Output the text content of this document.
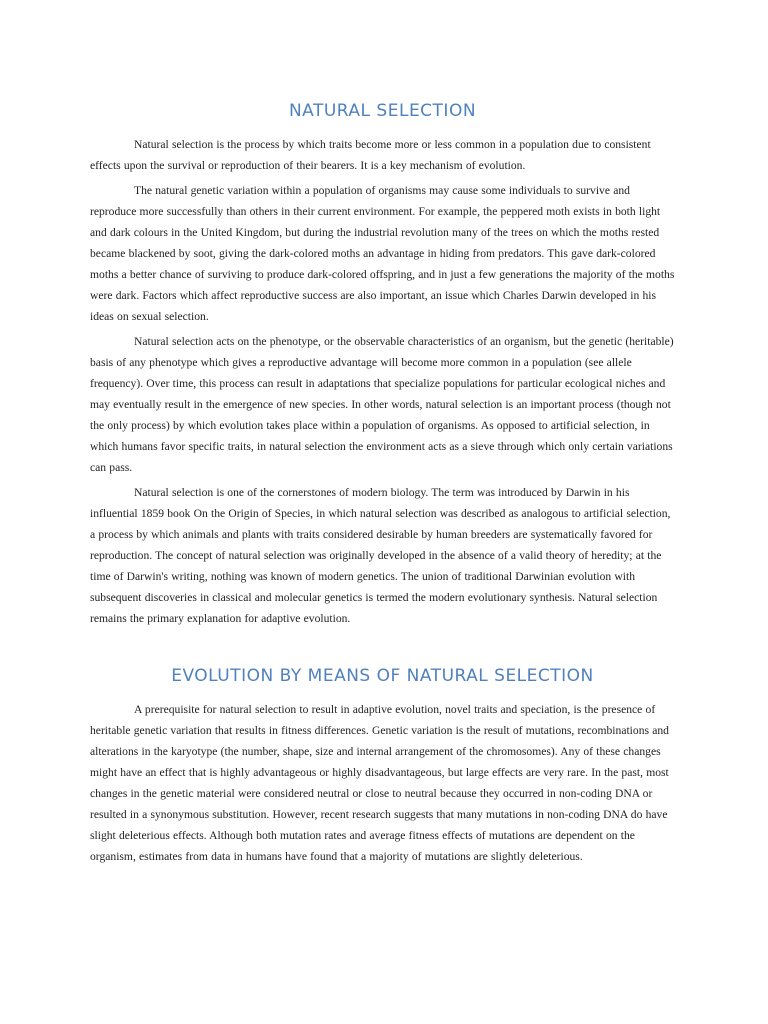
NATURAL SELECTION

Natural selection is the process by which traits become more or less common in a population due to consistent effects upon the survival or reproduction of their bearers. It is a key mechanism of evolution.

The natural genetic variation within a population of organisms may cause some individuals to survive and reproduce more successfully than others in their current environment. For example, the peppered moth exists in both light and dark colours in the United Kingdom, but during the industrial revolution many of the trees on which the moths rested became blackened by soot, giving the dark-colored moths an advantage in hiding from predators. This gave dark-colored moths a better chance of surviving to produce dark-colored offspring, and in just a few generations the majority of the moths were dark. Factors which affect reproductive success are also important, an issue which Charles Darwin developed in his ideas on sexual selection.

Natural selection acts on the phenotype, or the observable characteristics of an organism, but the genetic (heritable) basis of any phenotype which gives a reproductive advantage will become more common in a population (see allele frequency). Over time, this process can result in adaptations that specialize populations for particular ecological niches and may eventually result in the emergence of new species. In other words, natural selection is an important process (though not the only process) by which evolution takes place within a population of organisms. As opposed to artificial selection, in which humans favor specific traits, in natural selection the environment acts as a sieve through which only certain variations can pass.

Natural selection is one of the cornerstones of modern biology. The term was introduced by Darwin in his influential 1859 book On the Origin of Species, in which natural selection was described as analogous to artificial selection, a process by which animals and plants with traits considered desirable by human breeders are systematically favored for reproduction. The concept of natural selection was originally developed in the absence of a valid theory of heredity; at the time of Darwin's writing, nothing was known of modern genetics. The union of traditional Darwinian evolution with subsequent discoveries in classical and molecular genetics is termed the modern evolutionary synthesis. Natural selection remains the primary explanation for adaptive evolution.

EVOLUTION BY MEANS OF NATURAL SELECTION

A prerequisite for natural selection to result in adaptive evolution, novel traits and speciation, is the presence of heritable genetic variation that results in fitness differences. Genetic variation is the result of mutations, recombinations and alterations in the karyotype (the number, shape, size and internal arrangement of the chromosomes). Any of these changes might have an effect that is highly advantageous or highly disadvantageous, but large effects are very rare. In the past, most changes in the genetic material were considered neutral or close to neutral because they occurred in non-coding DNA or resulted in a synonymous substitution. However, recent research suggests that many mutations in non-coding DNA do have slight deleterious effects. Although both mutation rates and average fitness effects of mutations are dependent on the organism, estimates from data in humans have found that a majority of mutations are slightly deleterious.
